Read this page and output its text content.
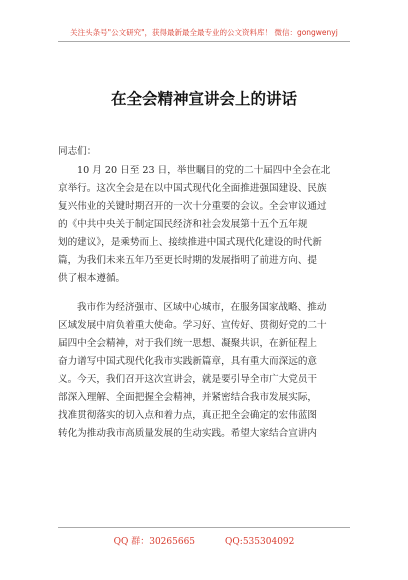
关注头条号"公文研究"，获得最新最全最专业的公文资料库！ 微信：gongwenyj
在全会精神宣讲会上的讲话
同志们：
10 月 20 日至 23 日，举世瞩目的党的二十届四中全会在北
京举行。这次全会是在以中国式现代化全面推进强国建设、民族
复兴伟业的关键时期召开的一次十分重要的会议。全会审议通过
的《中共中央关于制定国民经济和社会发展第十五个五年规
划的建议》，是乘势而上、接续推进中国式现代化建设的时代新
篇，为我们未来五年乃至更长时期的发展指明了前进方向、提
供了根本遵循。
我市作为经济强市、区域中心城市，在服务国家战略、推动
区域发展中肩负着重大使命。学习好、宣传好、贯彻好党的二十
届四中全会精神，对于我们统一思想、凝聚共识，在新征程上
奋力谱写中国式现代化我市实践新篇章，具有重大而深远的意
义。今天，我们召开这次宣讲会，就是要引导全市广大党员干
部深入理解、全面把握全会精神，并紧密结合我市发展实际，
找准贯彻落实的切入点和着力点，真正把全会确定的宏伟蓝图
转化为推动我市高质量发展的生动实践。希望大家结合宣讲内
QQ 群：30265665	QQ:535304092
